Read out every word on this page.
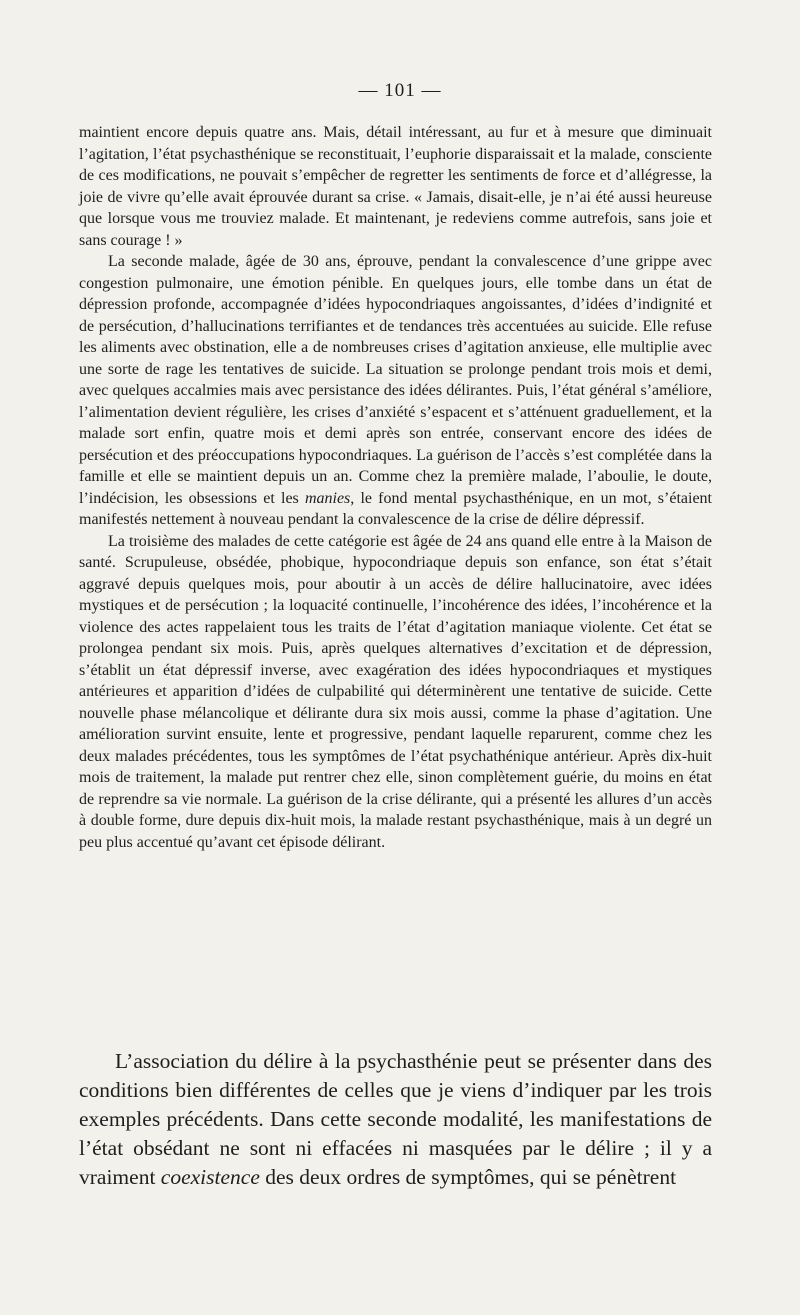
— 101 —

maintient encore depuis quatre ans. Mais, détail intéressant, au fur et à mesure que diminuait l’agitation, l’état psychasthénique se reconstituait, l’euphorie disparaissait et la malade, consciente de ces modifications, ne pouvait s’empêcher de regretter les sentiments de force et d’allégresse, la joie de vivre qu’elle avait éprouvée durant sa crise. « Jamais, disait-elle, je n’ai été aussi heureuse que lorsque vous me trouviez malade. Et maintenant, je redeviens comme autrefois, sans joie et sans courage ! »

La seconde malade, âgée de 30 ans, éprouve, pendant la convalescence d’une grippe avec congestion pulmonaire, une émotion pénible. En quelques jours, elle tombe dans un état de dépression profonde, accompagnée d’idées hypocondriaques angoissantes, d’idées d’indignité et de persécution, d’hallucinations terrifiantes et de tendances très accentuées au suicide. Elle refuse les aliments avec obstination, elle a de nombreuses crises d’agitation anxieuse, elle multiplie avec une sorte de rage les tentatives de suicide. La situation se prolonge pendant trois mois et demi, avec quelques accalmies mais avec persistance des idées délirantes. Puis, l’état général s’améliore, l’alimentation devient régulière, les crises d’anxiété s’espacent et s’atténuent graduellement, et la malade sort enfin, quatre mois et demi après son entrée, conservant encore des idées de persécution et des préoccupations hypocondriaques. La guérison de l’accès s’est complétée dans la famille et elle se maintient depuis un an. Comme chez la première malade, l’aboulie, le doute, l’indécision, les obsessions et les manies, le fond mental psychasthénique, en un mot, s’étaient manifestés nettement à nouveau pendant la convalescence de la crise de délire dépressif.

La troisième des malades de cette catégorie est âgée de 24 ans quand elle entre à la Maison de santé. Scrupuleuse, obsédée, phobique, hypocondriaque depuis son enfance, son état s’était aggravé depuis quelques mois, pour aboutir à un accès de délire hallucinatoire, avec idées mystiques et de persécution ; la loquacité continuelle, l’incohérence des idées, l’incohérence et la violence des actes rappelaient tous les traits de l’état d’agitation maniaque violente. Cet état se prolongea pendant six mois. Puis, après quelques alternatives d’excitation et de dépression, s’établit un état dépressif inverse, avec exagération des idées hypocondriaques et mystiques antérieures et apparition d’idées de culpabilité qui déterminèrent une tentative de suicide. Cette nouvelle phase mélancolique et délirante dura six mois aussi, comme la phase d’agitation. Une amélioration survint ensuite, lente et progressive, pendant laquelle reparurent, comme chez les deux malades précédentes, tous les symptômes de l’état psychathénique antérieur. Après dix-huit mois de traitement, la malade put rentrer chez elle, sinon complètement guérie, du moins en état de reprendre sa vie normale. La guérison de la crise délirante, qui a présenté les allures d’un accès à double forme, dure depuis dix-huit mois, la malade restant psychasthénique, mais à un degré un peu plus accentué qu’avant cet épisode délirant.

L’association du délire à la psychasthénie peut se présenter dans des conditions bien différentes de celles que je viens d’indiquer par les trois exemples précédents. Dans cette seconde modalité, les manifestations de l’état obsédant ne sont ni effacées ni masquées par le délire ; il y a vraiment coexistence des deux ordres de symptômes, qui se pénètrent
